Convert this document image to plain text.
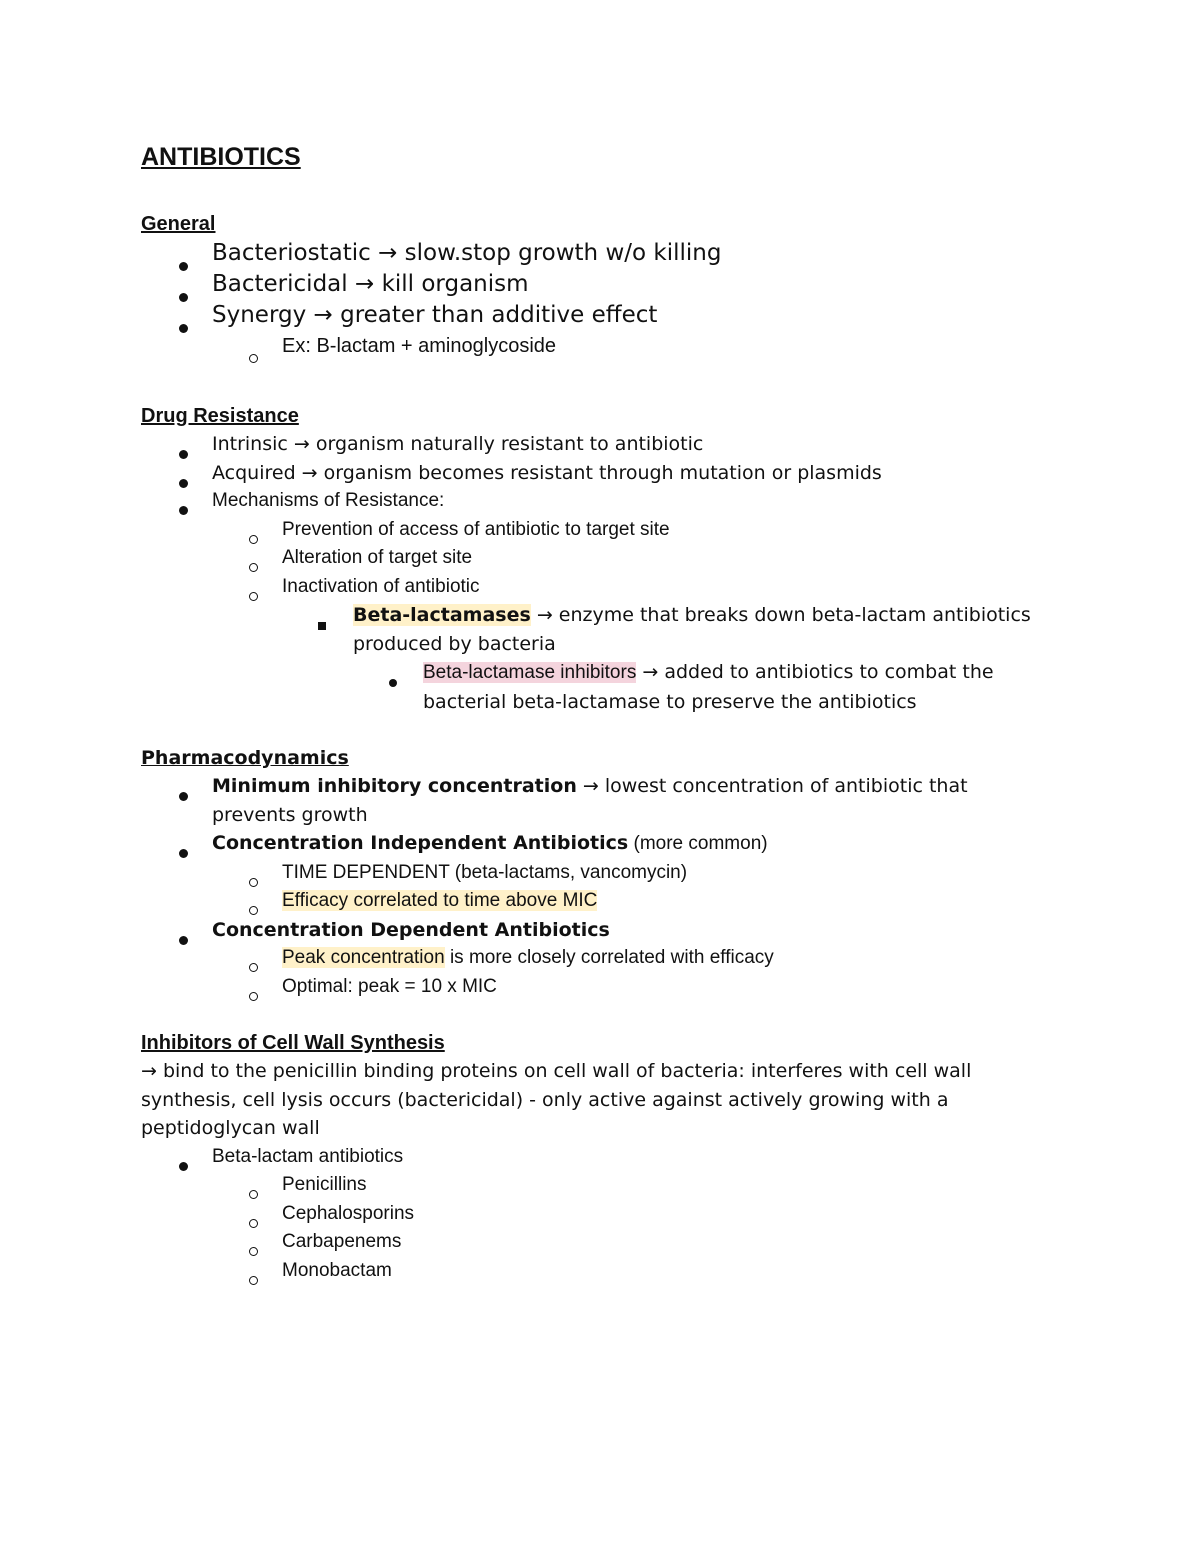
ANTIBIOTICS
General
Bacteriostatic → slow.stop growth w/o killing
Bactericidal → kill organism
Synergy → greater than additive effect
Ex: B-lactam + aminoglycoside
Drug Resistance
Intrinsic → organism naturally resistant to antibiotic
Acquired → organism becomes resistant through mutation or plasmids
Mechanisms of Resistance:
Prevention of access of antibiotic to target site
Alteration of target site
Inactivation of antibiotic
Beta-lactamases → enzyme that breaks down beta-lactam antibiotics produced by bacteria
Beta-lactamase inhibitors → added to antibiotics to combat the bacterial beta-lactamase to preserve the antibiotics
Pharmacodynamics
Minimum inhibitory concentration → lowest concentration of antibiotic that prevents growth
Concentration Independent Antibiotics (more common)
TIME DEPENDENT (beta-lactams, vancomycin)
Efficacy correlated to time above MIC
Concentration Dependent Antibiotics
Peak concentration is more closely correlated with efficacy
Optimal: peak = 10 x MIC
Inhibitors of Cell Wall Synthesis

→ bind to the penicillin binding proteins on cell wall of bacteria: interferes with cell wall synthesis, cell lysis occurs (bactericidal) - only active against actively growing with a peptidoglycan wall

Beta-lactam antibiotics
Penicillins
Cephalosporins
Carbapenems
Monobactam
